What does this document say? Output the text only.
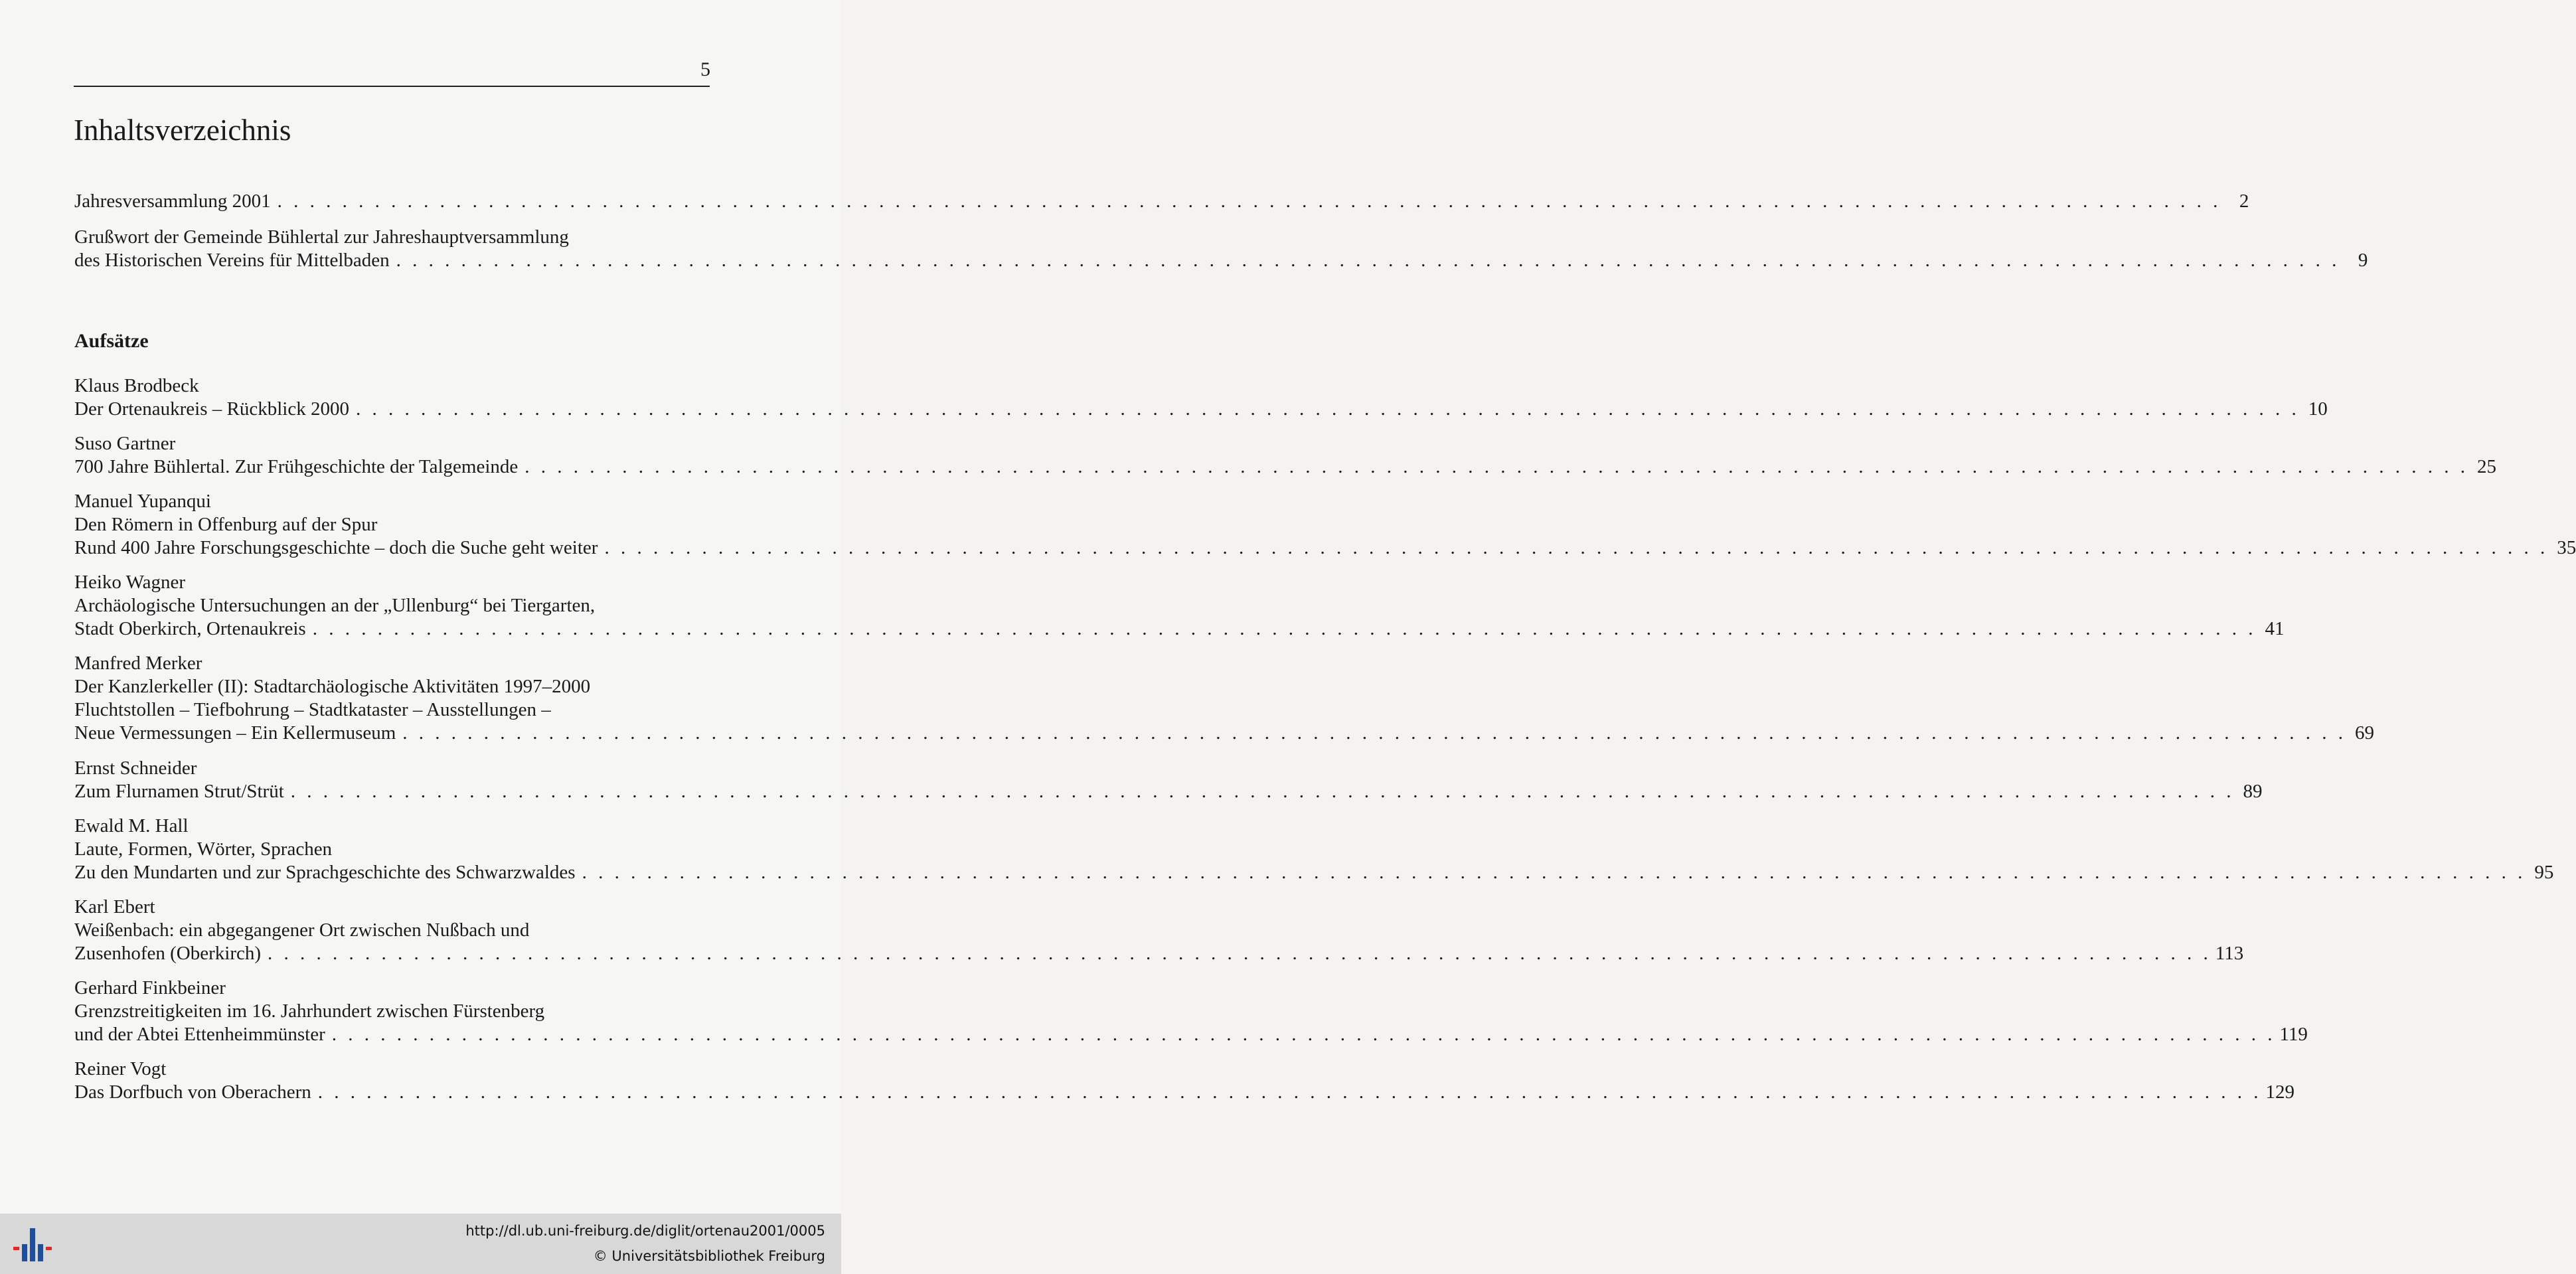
5
Inhaltsverzeichnis
Jahresversammlung 2001 . . . . . . . . . . . . . . . . . . . . . . . . . . . . . . . . . . . . . . . . . . . . . . . . . . . . . . . . . . . . . . . . . . . . . . . . . . . . . . . . . . . . . . . . . . . . . . . . . . . . . . . . . . . . . . . . . . . . . . . . 2
Grußwort der Gemeinde Bühlertal zur Jahreshauptversammlung
des Historischen Vereins für Mittelbaden . . . . . . . . . . . . . . . . . . . . . . . . . . . . . . . . . . . . . . . . . . . . . . . . . . . . . . . . . . . . . . . . . . . . . . . . . . . . . . . . . . . . . . . . . . . . . . . . . . . . . . . . . . . . . . . . . . . . . . . . 9
Aufsätze
Klaus Brodbeck
Der Ortenaukreis – Rückblick 2000 . . . . . . . . . . . . . . . . . . . . . . . . . . . . . . . . . . . . . . . . . . . . . . . . . . . . . . . . . . . . . . . . . . . . . . . . . . . . . . . . . . . . . . . . . . . . . . . . . . . . . . . . . . . . . . . . . . . . . . . . 10
Suso Gartner
700 Jahre Bühlertal. Zur Frühgeschichte der Talgemeinde . . . . . . . . . . . . . . . . . . . . . . . . . . . . . . . . . . . . . . . . . . . . . . . . . . . . . . . . . . . . . . . . . . . . . . . . . . . . . . . . . . . . . . . . . . . . . . . . . . . . . . . . . . . . . . . . . . . . . . . . 25
Manuel Yupanqui
Den Römern in Offenburg auf der Spur
Rund 400 Jahre Forschungsgeschichte – doch die Suche geht weiter . . . . . . . . . . . . . . . . . . . . . . . . . . . . . . . . . . . . . . . . . . . . . . . . . . . . . . . . . . . . . . . . . . . . . . . . . . . . . . . . . . . . . . . . . . . . . . . . . . . . . . . . . . . . . . . . . . . . . . . . 35
Heiko Wagner
Archäologische Untersuchungen an der „Ullenburg“ bei Tiergarten,
Stadt Oberkirch, Ortenaukreis . . . . . . . . . . . . . . . . . . . . . . . . . . . . . . . . . . . . . . . . . . . . . . . . . . . . . . . . . . . . . . . . . . . . . . . . . . . . . . . . . . . . . . . . . . . . . . . . . . . . . . . . . . . . . . . . . . . . . . . . 41
Manfred Merker
Der Kanzlerkeller (II): Stadtarchäologische Aktivitäten 1997–2000
Fluchtstollen – Tiefbohrung – Stadtkataster – Ausstellungen –
Neue Vermessungen – Ein Kellermuseum . . . . . . . . . . . . . . . . . . . . . . . . . . . . . . . . . . . . . . . . . . . . . . . . . . . . . . . . . . . . . . . . . . . . . . . . . . . . . . . . . . . . . . . . . . . . . . . . . . . . . . . . . . . . . . . . . . . . . . . . 69
Ernst Schneider
Zum Flurnamen Strut/Strüt . . . . . . . . . . . . . . . . . . . . . . . . . . . . . . . . . . . . . . . . . . . . . . . . . . . . . . . . . . . . . . . . . . . . . . . . . . . . . . . . . . . . . . . . . . . . . . . . . . . . . . . . . . . . . . . . . . . . . . . . 89
Ewald M. Hall
Laute, Formen, Wörter, Sprachen
Zu den Mundarten und zur Sprachgeschichte des Schwarzwaldes . . . . . . . . . . . . . . . . . . . . . . . . . . . . . . . . . . . . . . . . . . . . . . . . . . . . . . . . . . . . . . . . . . . . . . . . . . . . . . . . . . . . . . . . . . . . . . . . . . . . . . . . . . . . . . . . . . . . . . . . 95
Karl Ebert
Weißenbach: ein abgegangener Ort zwischen Nußbach und
Zusenhofen (Oberkirch) . . . . . . . . . . . . . . . . . . . . . . . . . . . . . . . . . . . . . . . . . . . . . . . . . . . . . . . . . . . . . . . . . . . . . . . . . . . . . . . . . . . . . . . . . . . . . . . . . . . . . . . . . . . . . . . . . . . . . . . . 113
Gerhard Finkbeiner
Grenzstreitigkeiten im 16. Jahrhundert zwischen Fürstenberg
und der Abtei Ettenheimmünster . . . . . . . . . . . . . . . . . . . . . . . . . . . . . . . . . . . . . . . . . . . . . . . . . . . . . . . . . . . . . . . . . . . . . . . . . . . . . . . . . . . . . . . . . . . . . . . . . . . . . . . . . . . . . . . . . . . . . . . . 119
Reiner Vogt
Das Dorfbuch von Oberachern . . . . . . . . . . . . . . . . . . . . . . . . . . . . . . . . . . . . . . . . . . . . . . . . . . . . . . . . . . . . . . . . . . . . . . . . . . . . . . . . . . . . . . . . . . . . . . . . . . . . . . . . . . . . . . . . . . . . . . . . 129
http://dl.ub.uni-freiburg.de/diglit/ortenau2001/0005
© Universitätsbibliothek Freiburg
